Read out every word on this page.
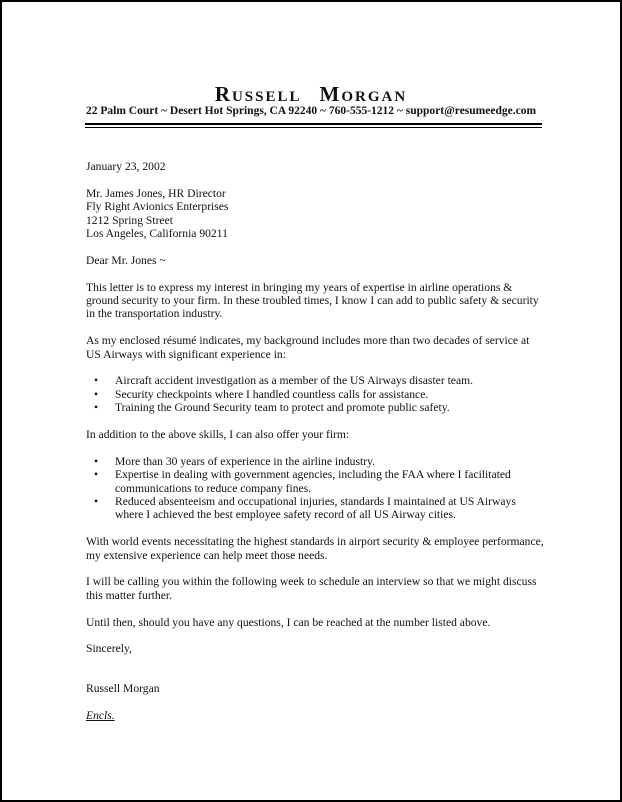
Russell Morgan
22 Palm Court ~ Desert Hot Springs, CA 92240 ~ 760-555-1212 ~ support@resumeedge.com
January 23, 2002
Mr. James Jones, HR Director
Fly Right Avionics Enterprises
1212 Spring Street
Los Angeles, California 90211
Dear Mr. Jones ~
This letter is to express my interest in bringing my years of expertise in airline operations & ground security to your firm. In these troubled times, I know I can add to public safety & security in the transportation industry.
As my enclosed résumé indicates, my background includes more than two decades of service at US Airways with significant experience in:
• Aircraft accident investigation as a member of the US Airways disaster team.
• Security checkpoints where I handled countless calls for assistance.
• Training the Ground Security team to protect and promote public safety.
In addition to the above skills, I can also offer your firm:
• More than 30 years of experience in the airline industry.
• Expertise in dealing with government agencies, including the FAA where I facilitated communications to reduce company fines.
• Reduced absenteeism and occupational injuries, standards I maintained at US Airways where I achieved the best employee safety record of all US Airway cities.
With world events necessitating the highest standards in airport security & employee performance, my extensive experience can help meet those needs.
I will be calling you within the following week to schedule an interview so that we might discuss this matter further.
Until then, should you have any questions, I can be reached at the number listed above.
Sincerely,
Russell Morgan
Encls.
